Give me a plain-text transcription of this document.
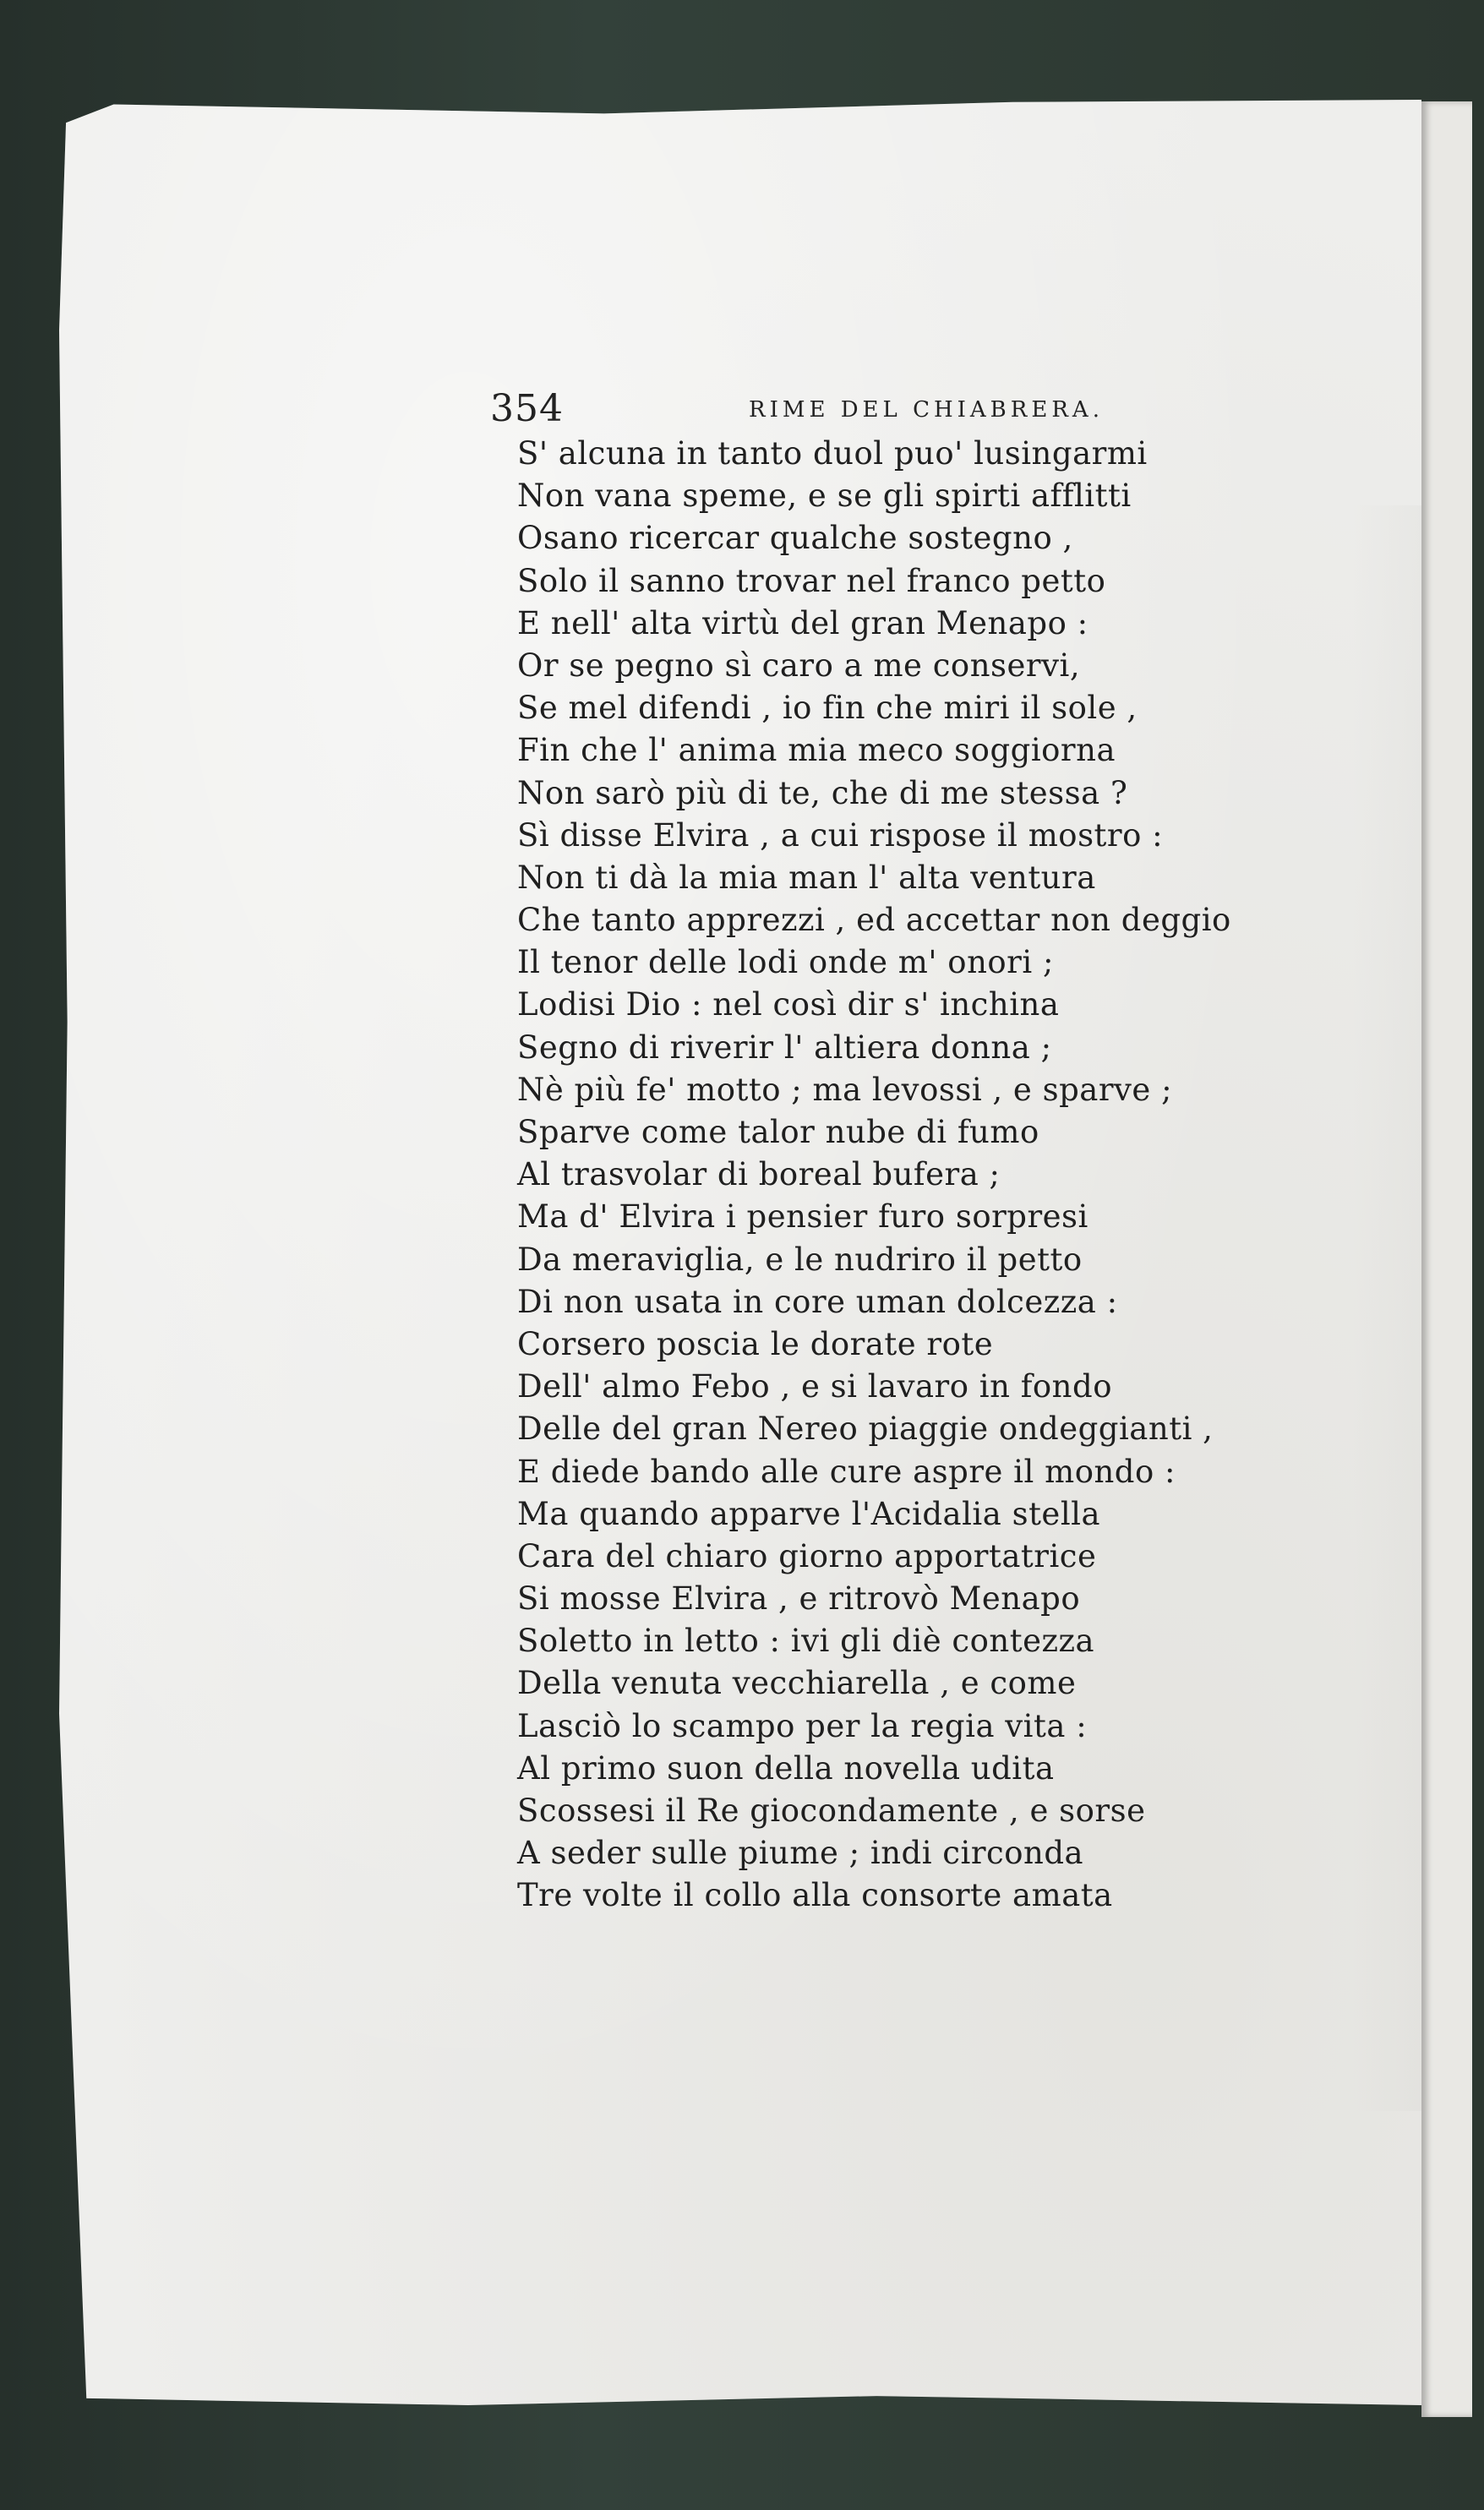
354	RIME DEL CHIABRERA.
S' alcuna in tanto duol puo' lusingarmi
Non vana speme, e se gli spirti afflitti
Osano ricercar qualche sostegno ,
Solo il sanno trovar nel franco petto
E nell' alta virtù del gran Menapo :
Or se pegno sì caro a me conservi,
Se mel difendi , io fin che miri il sole ,
Fin che l' anima mia meco soggiorna
Non sarò più di te, che di me stessa ?
Sì disse Elvira , a cui rispose il mostro :
Non ti dà la mia man l' alta ventura
Che tanto apprezzi , ed accettar non deggio
Il tenor delle lodi onde m' onori ;
Lodisi Dio : nel così dir s' inchina
Segno di riverir l' altiera donna ;
Nè più fe' motto ; ma levossi , e sparve ;
Sparve come talor nube di fumo
Al trasvolar di boreal bufera ;
Ma d' Elvira i pensier furo sorpresi
Da meraviglia, e le nudriro il petto
Di non usata in core uman dolcezza :
Corsero poscia le dorate rote
Dell' almo Febo , e si lavaro in fondo
Delle del gran Nereo piaggie ondeggianti ,
E diede bando alle cure aspre il mondo :
Ma quando apparve l'Acidalia stella
Cara del chiaro giorno apportatrice
Si mosse Elvira , e ritrovò Menapo
Soletto in letto : ivi gli diè contezza
Della venuta vecchiarella , e come
Lasciò lo scampo per la regia vita :
Al primo suon della novella udita
Scossesi il Re giocondamente , e sorse
A seder sulle piume ; indi circonda
Tre volte il collo alla consorte amata
